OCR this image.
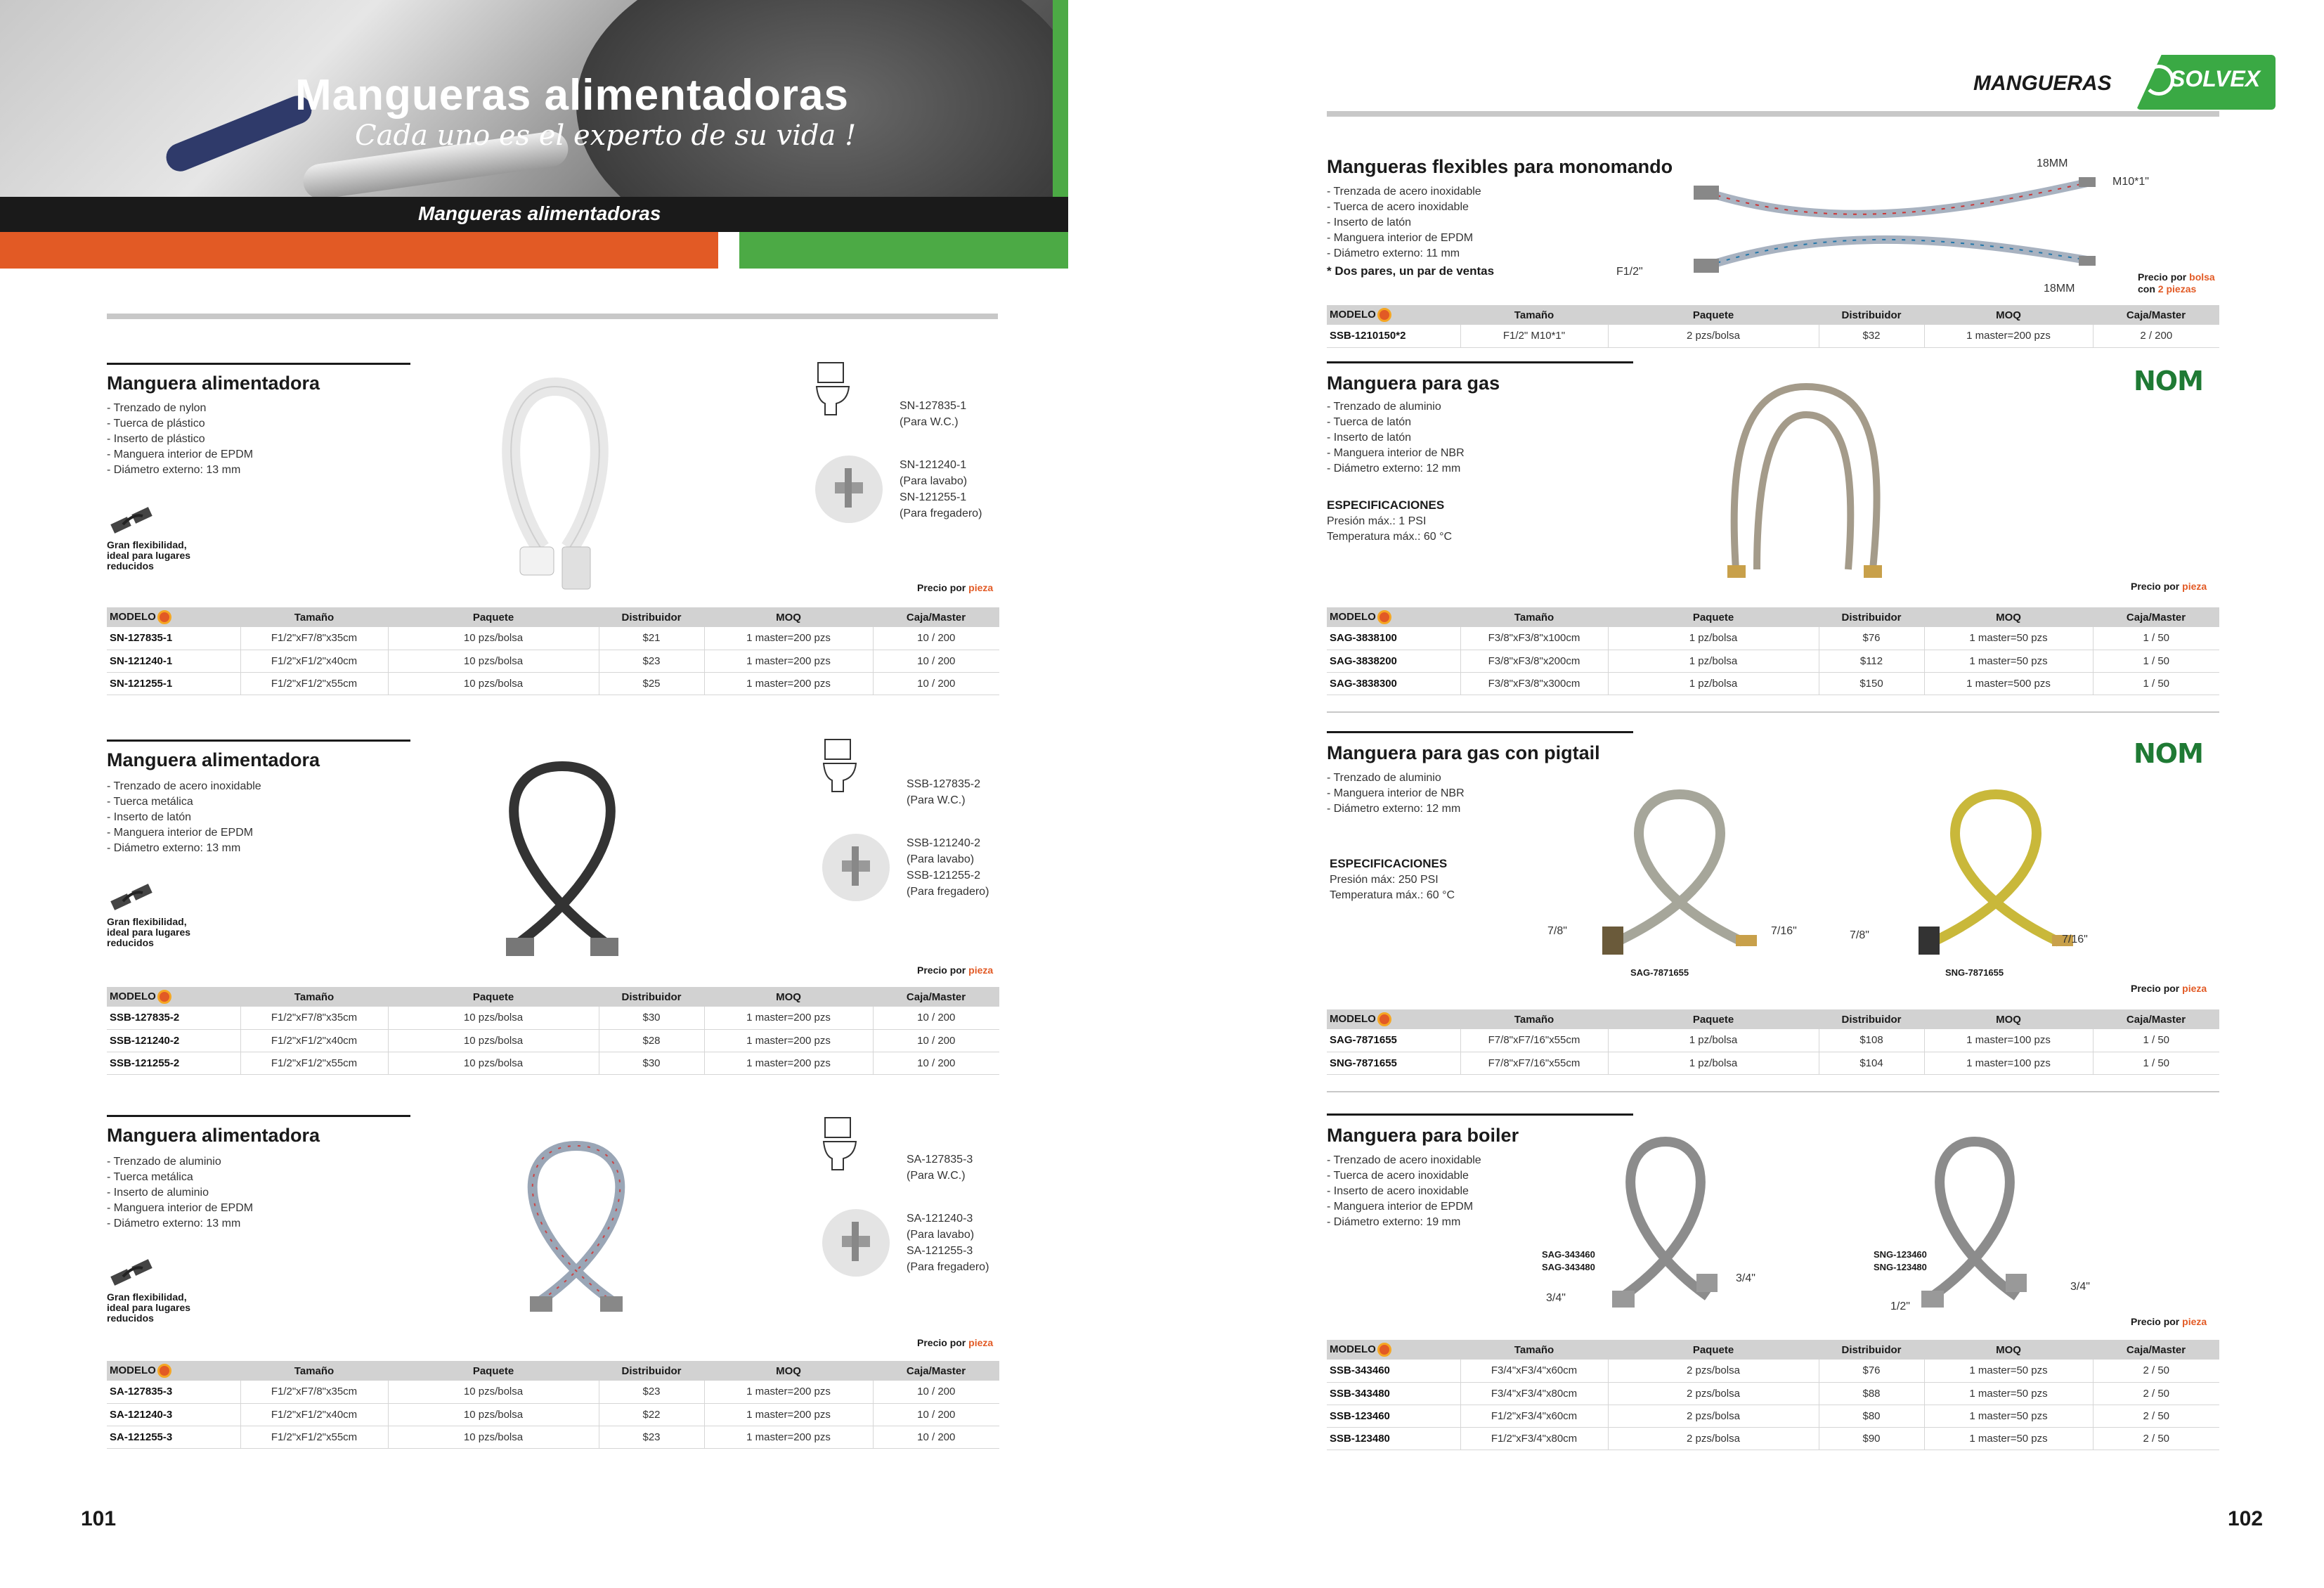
Mangueras alimentadoras
Cada uno es el experto de su vida !
Mangueras alimentadoras
MANGUERAS	SOLVEX
Manguera alimentadora
- Trenzado de nylon
- Tuerca de plástico
- Inserto de plástico
- Manguera interior de EPDM
- Diámetro externo: 13 mm
Gran flexibilidad,
ideal para lugares
reducidos
SN-127835-1
(Para W.C.)
SN-121240-1
(Para lavabo)
SN-121255-1
(Para fregadero)
Precio por pieza
MODELO	Tamaño	Paquete	Distribuidor	MOQ	Caja/Master
SN-127835-1	F1/2"xF7/8"x35cm	10 pzs/bolsa	$21	1 master=200 pzs	10 / 200
SN-121240-1	F1/2"xF1/2"x40cm	10 pzs/bolsa	$23	1 master=200 pzs	10 / 200
SN-121255-1	F1/2"xF1/2"x55cm	10 pzs/bolsa	$25	1 master=200 pzs	10 / 200
Manguera alimentadora
- Trenzado de acero inoxidable
- Tuerca metálica
- Inserto de latón
- Manguera interior de EPDM
- Diámetro externo: 13 mm
Gran flexibilidad,
ideal para lugares
reducidos
SSB-127835-2
(Para W.C.)
SSB-121240-2
(Para lavabo)
SSB-121255-2
(Para fregadero)
Precio por pieza
MODELO	Tamaño	Paquete	Distribuidor	MOQ	Caja/Master
SSB-127835-2	F1/2"xF7/8"x35cm	10 pzs/bolsa	$30	1 master=200 pzs	10 / 200
SSB-121240-2	F1/2"xF1/2"x40cm	10 pzs/bolsa	$28	1 master=200 pzs	10 / 200
SSB-121255-2	F1/2"xF1/2"x55cm	10 pzs/bolsa	$30	1 master=200 pzs	10 / 200
Manguera alimentadora
- Trenzado de aluminio
- Tuerca metálica
- Inserto de aluminio
- Manguera interior de EPDM
- Diámetro externo: 13 mm
Gran flexibilidad,
ideal para lugares
reducidos
SA-127835-3
(Para W.C.)
SA-121240-3
(Para lavabo)
SA-121255-3
(Para fregadero)
Precio por pieza
MODELO	Tamaño	Paquete	Distribuidor	MOQ	Caja/Master
SA-127835-3	F1/2"xF7/8"x35cm	10 pzs/bolsa	$23	1 master=200 pzs	10 / 200
SA-121240-3	F1/2"xF1/2"x40cm	10 pzs/bolsa	$22	1 master=200 pzs	10 / 200
SA-121255-3	F1/2"xF1/2"x55cm	10 pzs/bolsa	$23	1 master=200 pzs	10 / 200
101
Mangueras flexibles para monomando
- Trenzada de acero inoxidable
- Tuerca de acero inoxidable
- Inserto de latón
- Manguera interior de EPDM
- Diámetro externo: 11 mm
* Dos pares, un par de ventas
18MM
M10*1"
F1/2"
18MM
Precio por bolsa
con 2 piezas
MODELO	Tamaño	Paquete	Distribuidor	MOQ	Caja/Master
SSB-1210150*2	F1/2" M10*1"	2 pzs/bolsa	$32	1 master=200 pzs	2 / 200
Manguera para gas	NOM
- Trenzado de aluminio
- Tuerca de latón
- Inserto de latón
- Manguera interior de NBR
- Diámetro externo: 12 mm
ESPECIFICACIONES
Presión máx.: 1 PSI
Temperatura máx.: 60 °C
Precio por pieza
MODELO	Tamaño	Paquete	Distribuidor	MOQ	Caja/Master
SAG-3838100	F3/8"xF3/8"x100cm	1 pz/bolsa	$76	1 master=50 pzs	1 / 50
SAG-3838200	F3/8"xF3/8"x200cm	1 pz/bolsa	$112	1 master=50 pzs	1 / 50
SAG-3838300	F3/8"xF3/8"x300cm	1 pz/bolsa	$150	1 master=500 pzs	1 / 50
Manguera para gas con pigtail	NOM
- Trenzado de aluminio
- Manguera interior de NBR
- Diámetro externo: 12 mm
ESPECIFICACIONES
Presión máx: 250 PSI
Temperatura máx.: 60 °C
7/8"	7/16"	7/8"	7/16"
SAG-7871655	SNG-7871655
Precio por pieza
MODELO	Tamaño	Paquete	Distribuidor	MOQ	Caja/Master
SAG-7871655	F7/8"xF7/16"x55cm	1 pz/bolsa	$108	1 master=100 pzs	1 / 50
SNG-7871655	F7/8"xF7/16"x55cm	1 pz/bolsa	$104	1 master=100 pzs	1 / 50
Manguera para boiler
- Trenzado de acero inoxidable
- Tuerca de acero inoxidable
- Inserto de acero inoxidable
- Manguera interior de EPDM
- Diámetro externo: 19 mm
SAG-343460
SAG-343480
SNG-123460
SNG-123480
3/4"
3/4"
1/2"
3/4"
Precio por pieza
MODELO	Tamaño	Paquete	Distribuidor	MOQ	Caja/Master
SSB-343460	F3/4"xF3/4"x60cm	2 pzs/bolsa	$76	1 master=50 pzs	2 / 50
SSB-343480	F3/4"xF3/4"x80cm	2 pzs/bolsa	$88	1 master=50 pzs	2 / 50
SSB-123460	F1/2"xF3/4"x60cm	2 pzs/bolsa	$80	1 master=50 pzs	2 / 50
SSB-123480	F1/2"xF3/4"x80cm	2 pzs/bolsa	$90	1 master=50 pzs	2 / 50
102
